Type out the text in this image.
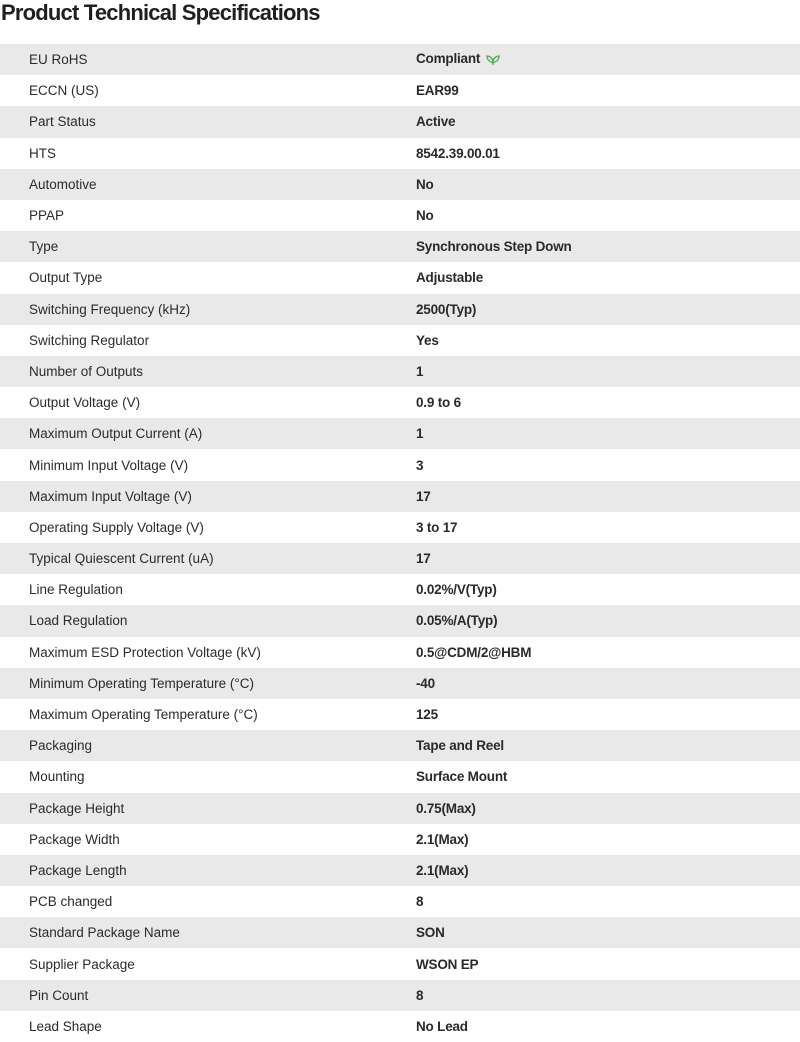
Product Technical Specifications
EU RoHS	Compliant
ECCN (US)	EAR99
Part Status	Active
HTS	8542.39.00.01
Automotive	No
PPAP	No
Type	Synchronous Step Down
Output Type	Adjustable
Switching Frequency (kHz)	2500(Typ)
Switching Regulator	Yes
Number of Outputs	1
Output Voltage (V)	0.9 to 6
Maximum Output Current (A)	1
Minimum Input Voltage (V)	3
Maximum Input Voltage (V)	17
Operating Supply Voltage (V)	3 to 17
Typical Quiescent Current (uA)	17
Line Regulation	0.02%/V(Typ)
Load Regulation	0.05%/A(Typ)
Maximum ESD Protection Voltage (kV)	0.5@CDM/2@HBM
Minimum Operating Temperature (°C)	-40
Maximum Operating Temperature (°C)	125
Packaging	Tape and Reel
Mounting	Surface Mount
Package Height	0.75(Max)
Package Width	2.1(Max)
Package Length	2.1(Max)
PCB changed	8
Standard Package Name	SON
Supplier Package	WSON EP
Pin Count	8
Lead Shape	No Lead
